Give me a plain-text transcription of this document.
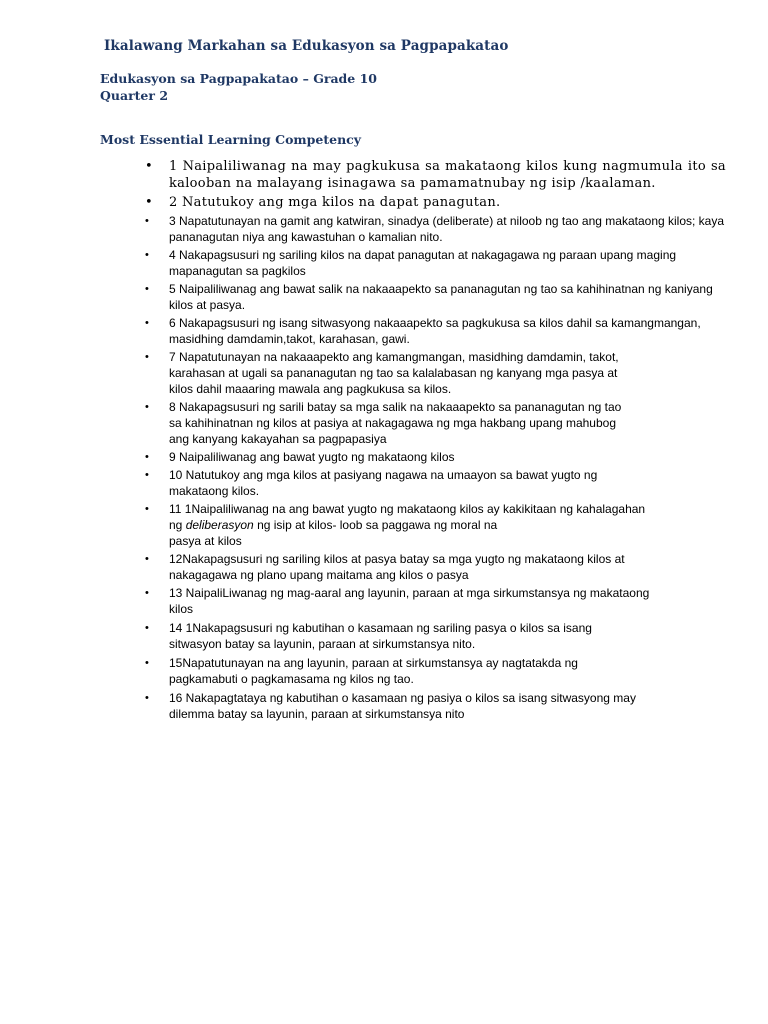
Ikalawang Markahan sa Edukasyon sa Pagpapakatao
Edukasyon sa Pagpapakatao – Grade 10
Quarter 2
Most Essential Learning Competency
• 1 Naipaliliwanag na may pagkukusa sa makataong kilos kung nagmumula ito sa kalooban na malayang isinagawa sa pamamatnubay ng isip /kaalaman.
• 2 Natutukoy ang mga kilos na dapat panagutan.
• 3 Napatutunayan na gamit ang katwiran, sinadya (deliberate) at niloob ng tao ang makataong kilos; kaya pananagutan niya ang kawastuhan o kamalian nito.
• 4 Nakapagsusuri ng sariling kilos na dapat panagutan at nakagagawa ng paraan upang maging mapanagutan sa pagkilos
• 5 Naipaliliwanag ang bawat salik na nakaaapekto sa pananagutan ng tao sa kahihinatnan ng kaniyang kilos at pasya.
• 6 Nakapagsusuri ng isang sitwasyong nakaaapekto sa pagkukusa sa kilos dahil sa kamangmangan, masidhing damdamin,takot, karahasan, gawi.
• 7 Napatutunayan na nakaaapekto ang kamangmangan, masidhing damdamin, takot,
karahasan at ugali sa pananagutan ng tao sa kalalabasan ng kanyang mga pasya at
kilos dahil maaaring mawala ang pagkukusa sa kilos.
• 8 Nakapagsusuri ng sarili batay sa mga salik na nakaaapekto sa pananagutan ng tao
sa kahihinatnan ng kilos at pasiya at nakagagawa ng mga hakbang upang mahubog
ang kanyang kakayahan sa pagpapasiya
• 9 Naipaliliwanag ang bawat yugto ng makataong kilos
• 10 Natutukoy ang mga kilos at pasiyang nagawa na umaayon sa bawat yugto ng
makataong kilos.
• 11 1Naipaliliwanag na ang bawat yugto ng makataong kilos ay kakikitaan ng kahalagahan
ng deliberasyon ng isip at kilos- loob sa paggawa ng moral na
pasya at kilos
• 12Nakapagsusuri ng sariling kilos at pasya batay sa mga yugto ng makataong kilos at
nakagagawa ng plano upang maitama ang kilos o pasya
• 13 NaipaliLiwanag ng mag-aaral ang layunin, paraan at mga sirkumstansya ng makataong
kilos
• 14 1Nakapagsusuri ng kabutihan o kasamaan ng sariling pasya o kilos sa isang
sitwasyon batay sa layunin, paraan at sirkumstansya nito.
• 15Napatutunayan na ang layunin, paraan at sirkumstansya ay nagtatakda ng
pagkamabuti o pagkamasama ng kilos ng tao.
• 16 Nakapagtataya ng kabutihan o kasamaan ng pasiya o kilos sa isang sitwasyong may
dilemma batay sa layunin, paraan at sirkumstansya nito
